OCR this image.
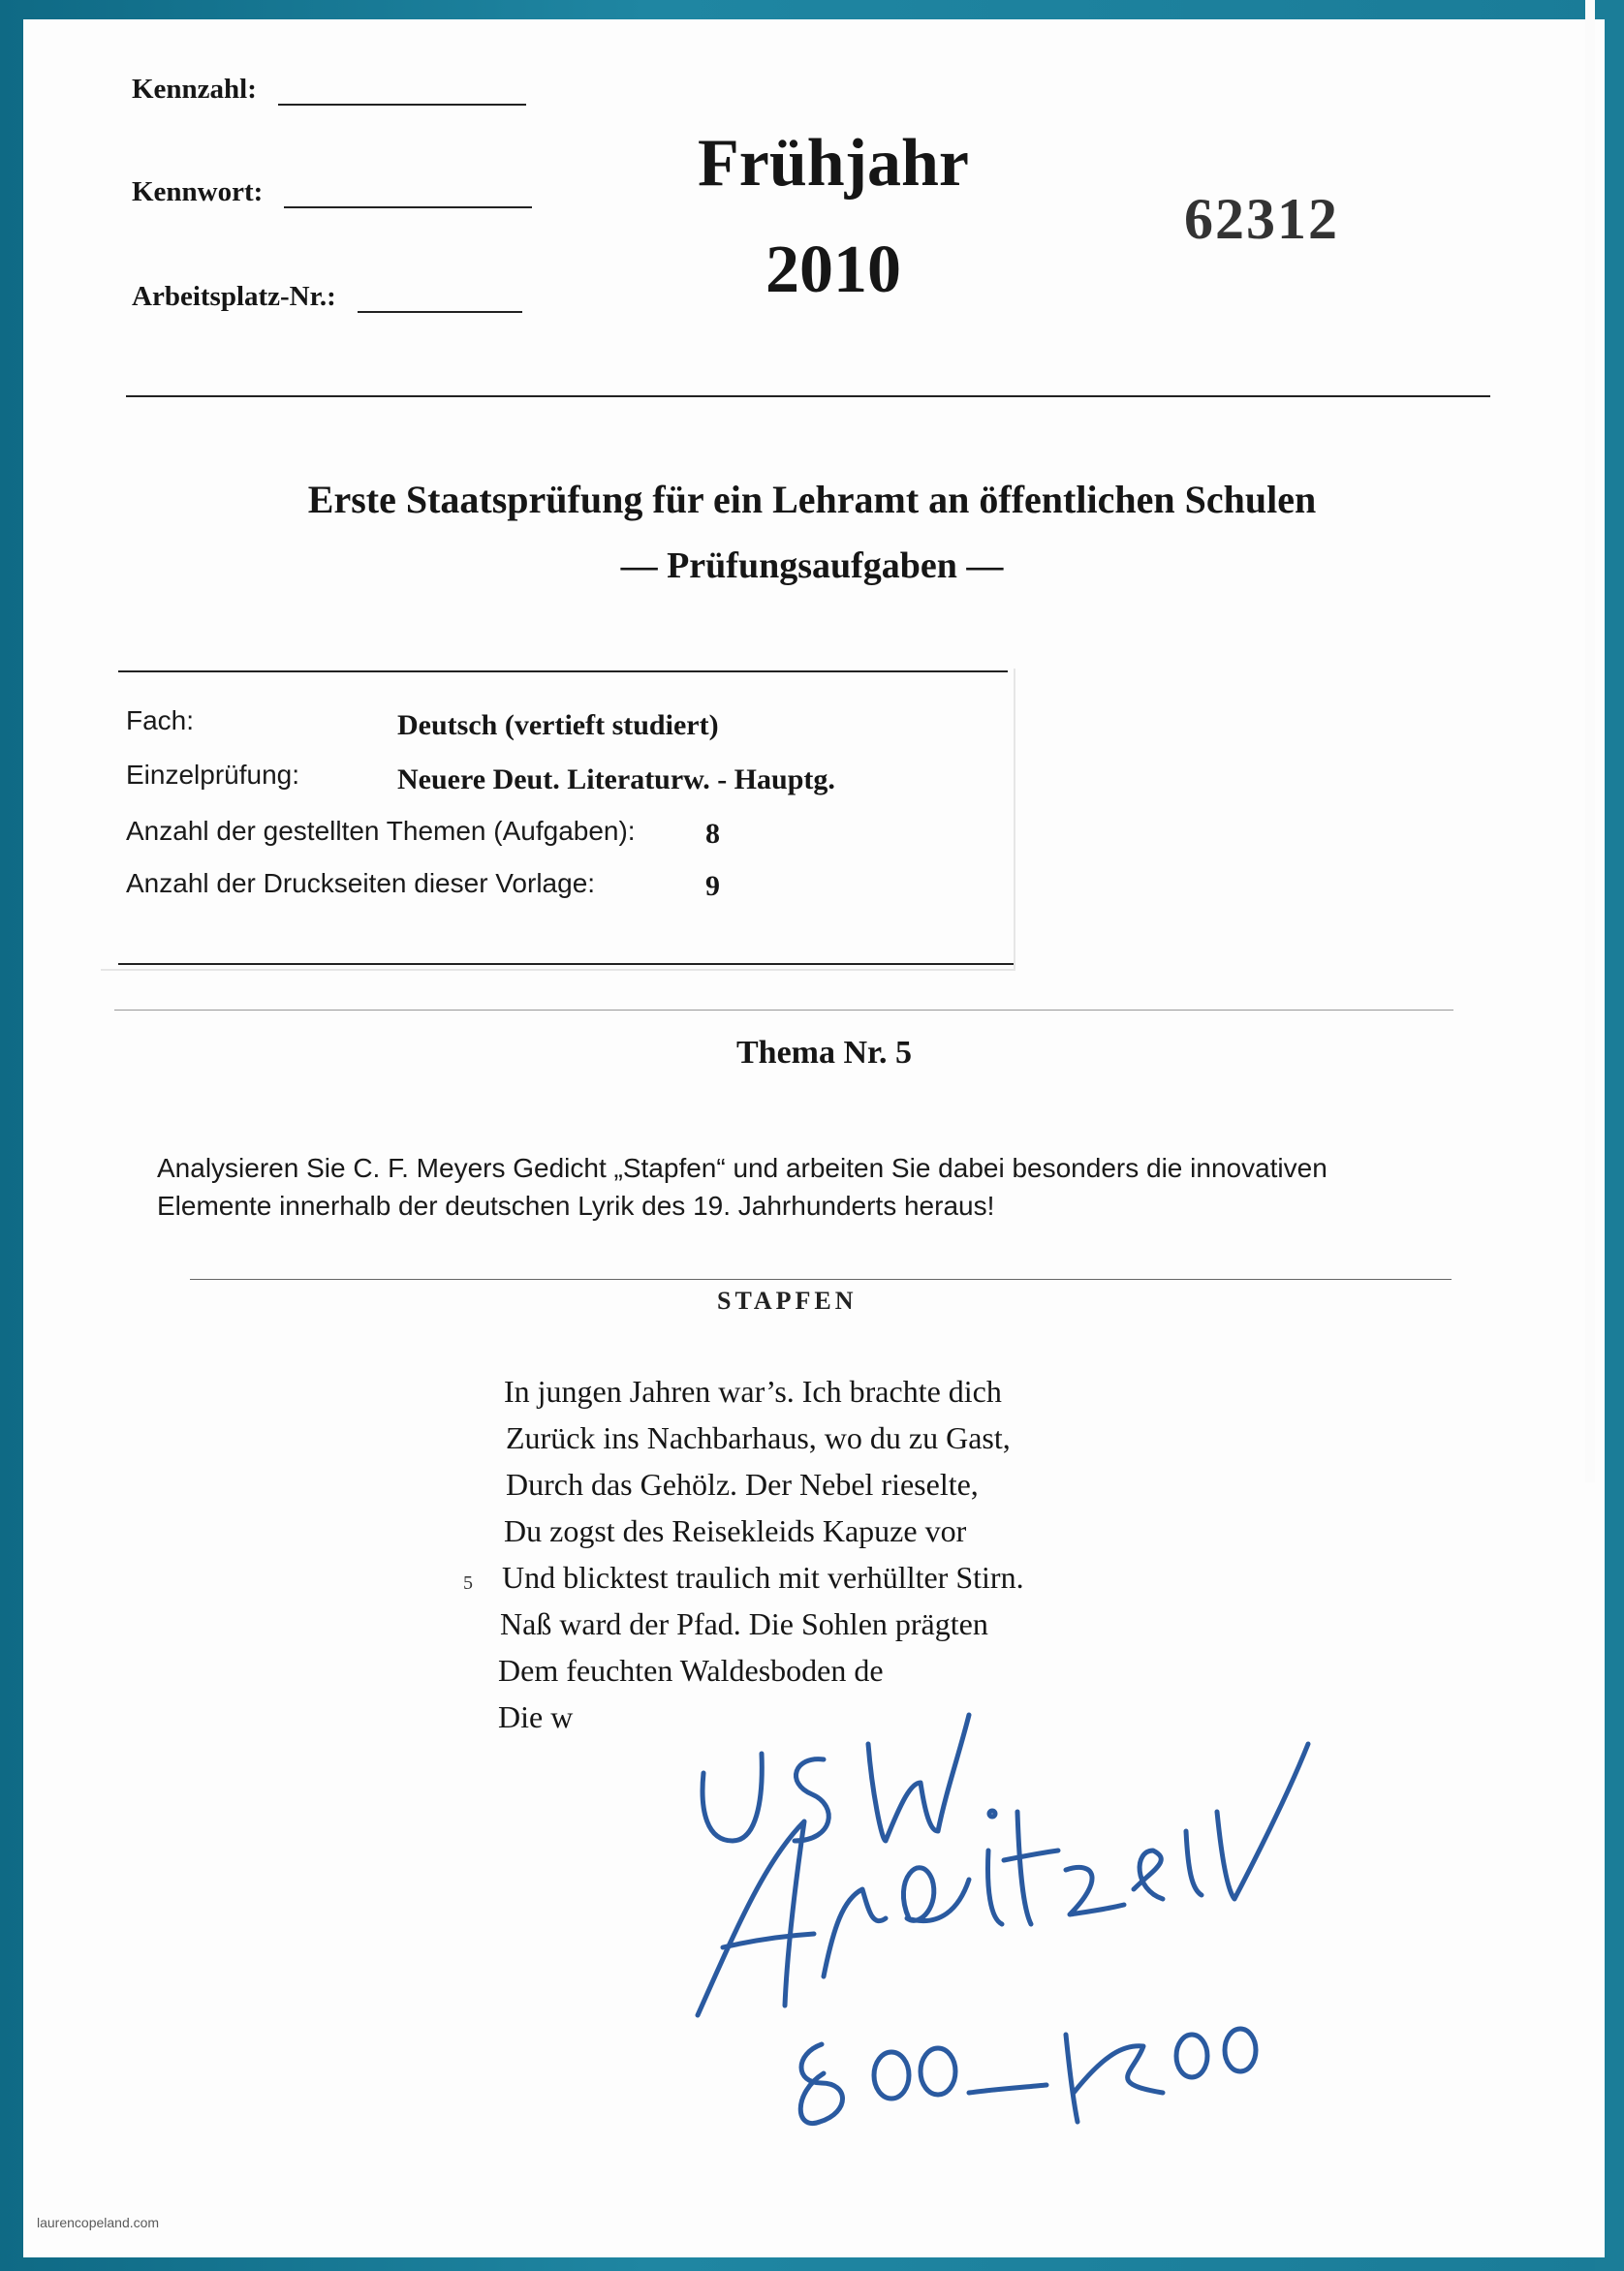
Kennzahl:
Kennwort:
Arbeitsplatz-Nr.:
Frühjahr
2010
62312
Erste Staatsprüfung für ein Lehramt an öffentlichen Schulen
— Prüfungsaufgaben —
Fach:	Deutsch (vertieft studiert)
Einzelprüfung:	Neuere Deut. Literaturw. - Hauptg.
Anzahl der gestellten Themen (Aufgaben): 8
Anzahl der Druckseiten dieser Vorlage:	9
Thema Nr. 5
Analysieren Sie C. F. Meyers Gedicht „Stapfen“ und arbeiten Sie dabei besonders die innovativen
Elemente innerhalb der deutschen Lyrik des 19. Jahrhunderts heraus!
STAPFEN
In jungen Jahren war’s. Ich brachte dich
Zurück ins Nachbarhaus, wo du zu Gast,
Durch das Gehölz. Der Nebel rieselte,
Du zogst des Reisekleids Kapuze vor
5 Und blicktest traulich mit verhüllter Stirn.
Naß ward der Pfad. Die Sohlen prägten
Dem feuchten Waldesboden de
Die w
laurencopeland.com
